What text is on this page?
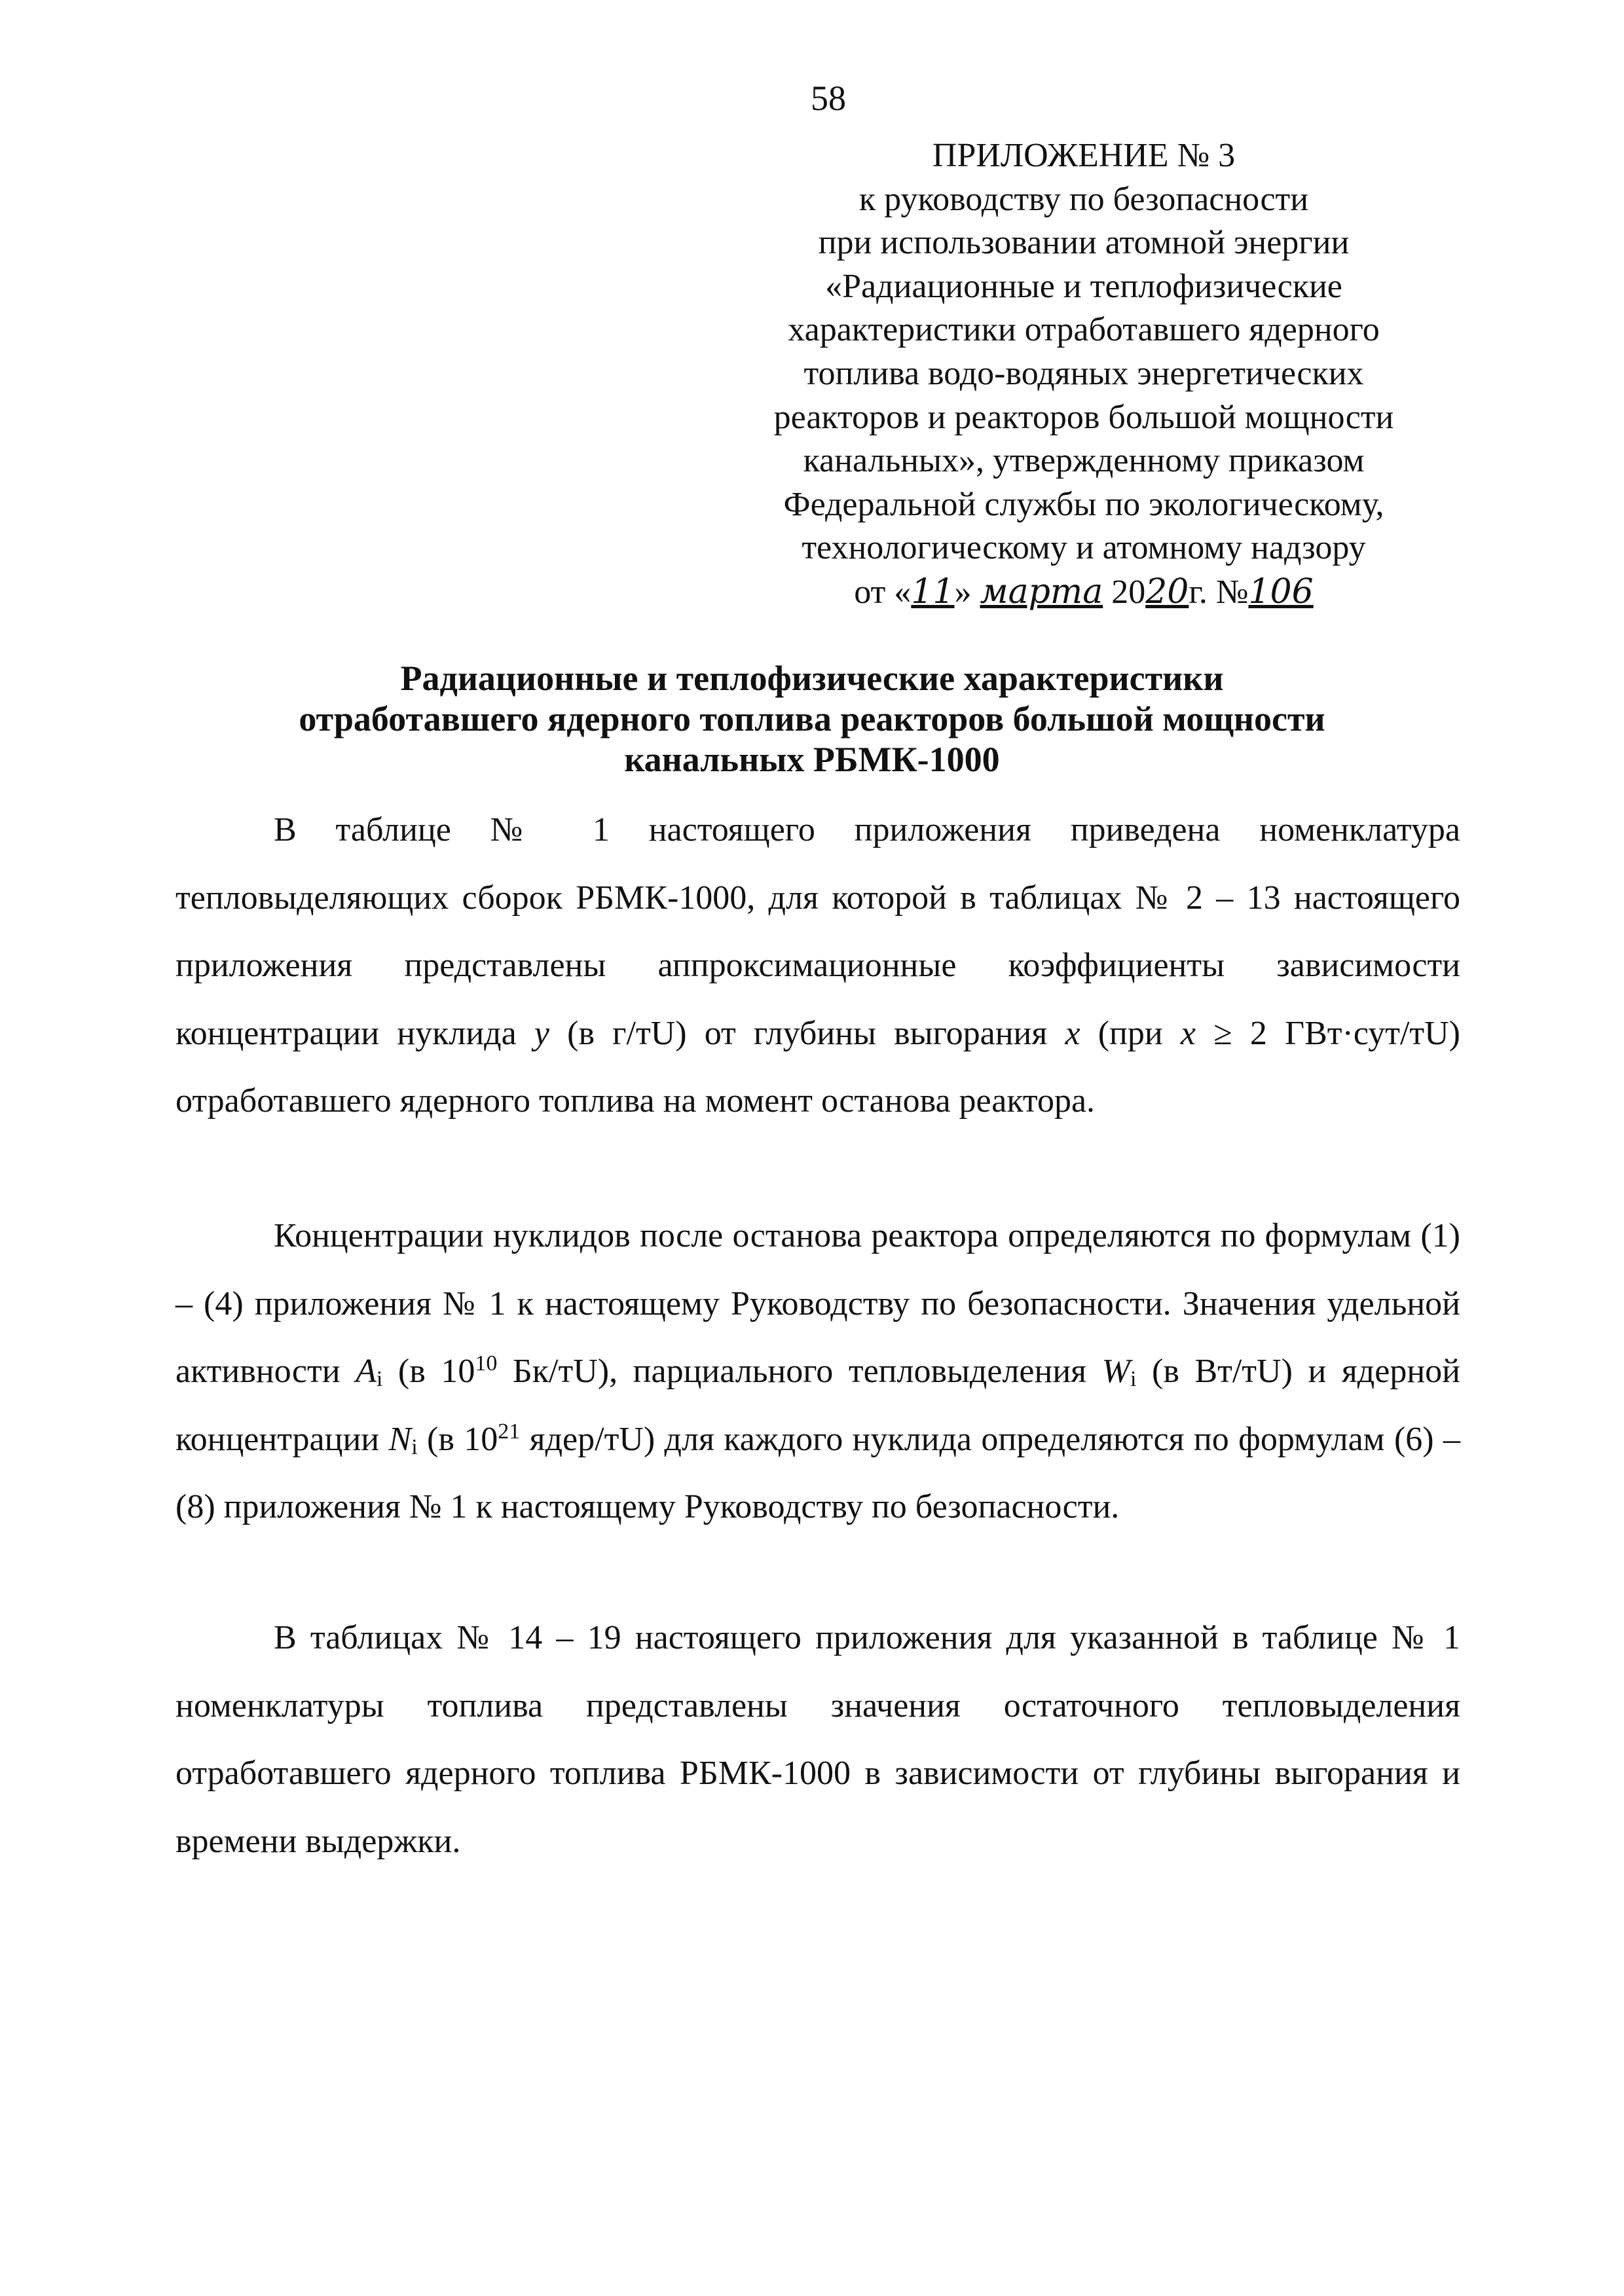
58
ПРИЛОЖЕНИЕ № 3
к руководству по безопасности
при использовании атомной энергии
«Радиационные и теплофизические
характеристики отработавшего ядерного
топлива водо-водяных энергетических
реакторов и реакторов большой мощности
канальных», утвержденному приказом
Федеральной службы по экологическому,
технологическому и атомному надзору
от «11» марта 2020г. №106
Радиационные и теплофизические характеристики
отработавшего ядерного топлива реакторов большой мощности
канальных РБМК-1000

В таблице № 1 настоящего приложения приведена номенклатура тепловыделяющих сборок РБМК-1000, для которой в таблицах № 2 – 13 настоящего приложения представлены аппроксимационные коэффициенты зависимости концентрации нуклида y (в г/тU) от глубины выгорания x (при x ≥ 2 ГВт·сут/тU) отработавшего ядерного топлива на момент останова реактора.

Концентрации нуклидов после останова реактора определяются по формулам (1) – (4) приложения № 1 к настоящему Руководству по безопасности. Значения удельной активности $A_i$ (в $10^{10}$ Бк/тU), парциального тепловыделения $W_i$ (в Вт/тU) и ядерной концентрации $N_i$ (в $10^{21}$ ядер/тU) для каждого нуклида определяются по формулам (6) – (8) приложения № 1 к настоящему Руководству по безопасности.

В таблицах № 14 – 19 настоящего приложения для указанной в таблице № 1 номенклатуры топлива представлены значения остаточного тепловыделения отработавшего ядерного топлива РБМК-1000 в зависимости от глубины выгорания и времени выдержки.
